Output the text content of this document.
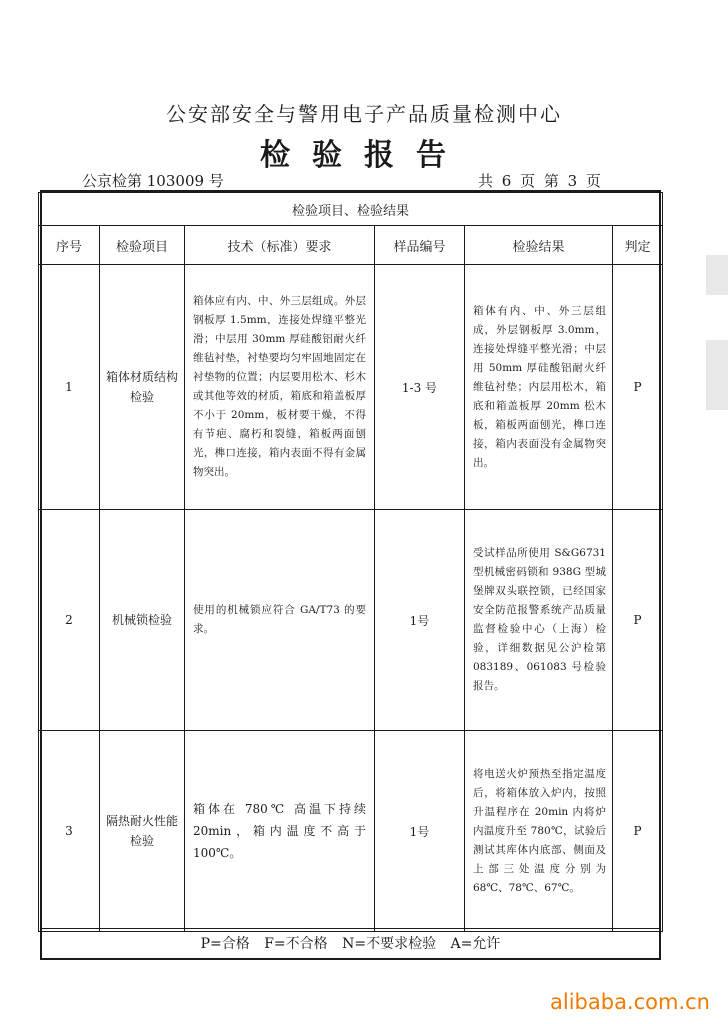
公安部安全与警用电子产品质量检测中心
检验报告
公京检第 103009 号	共 6 页 第 3 页
检验项目、检验结果					
序号	检验项目	技术（标准）要求	样品编号	检验结果	判定
1	箱体材质结构检验	箱体应有内、中、外三层组成。外层钢板厚 1.5mm，连接处焊缝平整光滑；中层用 30mm 厚硅酸铝耐火纤维毡衬垫，衬垫要均匀牢固地固定在衬垫物的位置；内层要用松木、杉木或其他等效的材质，箱底和箱盖板厚不小于 20mm，板材要干燥，不得有节疤、腐朽和裂缝，箱板两面刨光，榫口连接，箱内表面不得有金属物突出。	1-3 号	箱体有内、中、外三层组成，外层钢板厚 3.0mm，连接处焊缝平整光滑；中层用 50mm 厚硅酸铝耐火纤维毡衬垫；内层用松木，箱底和箱盖板厚 20mm 松木板，箱板两面刨光，榫口连接，箱内表面没有金属物突出。	P
2	机械锁检验	使用的机械锁应符合 GA/T73 的要求。	1号	受试样品所使用 S&G6731 型机械密码锁和 938G 型城堡牌双头联控锁，已经国家安全防范报警系统产品质量监督检验中心（上海）检验，详细数据见公沪检第 083189、061083 号检验报告。	P
3	隔热耐火性能检验	箱体在 780℃ 高温下持续 20min，箱内温度不高于 100℃。	1号	将电送火炉预热至指定温度后，将箱体放入炉内，按照升温程序在 20min 内将炉内温度升至 780℃，试验后测试其库体内底部、侧面及上部三处温度分别为 68℃、78℃、67℃。	P
P=合格 F=不合格 N=不要求检验 A=允许
alibaba.com.cn
